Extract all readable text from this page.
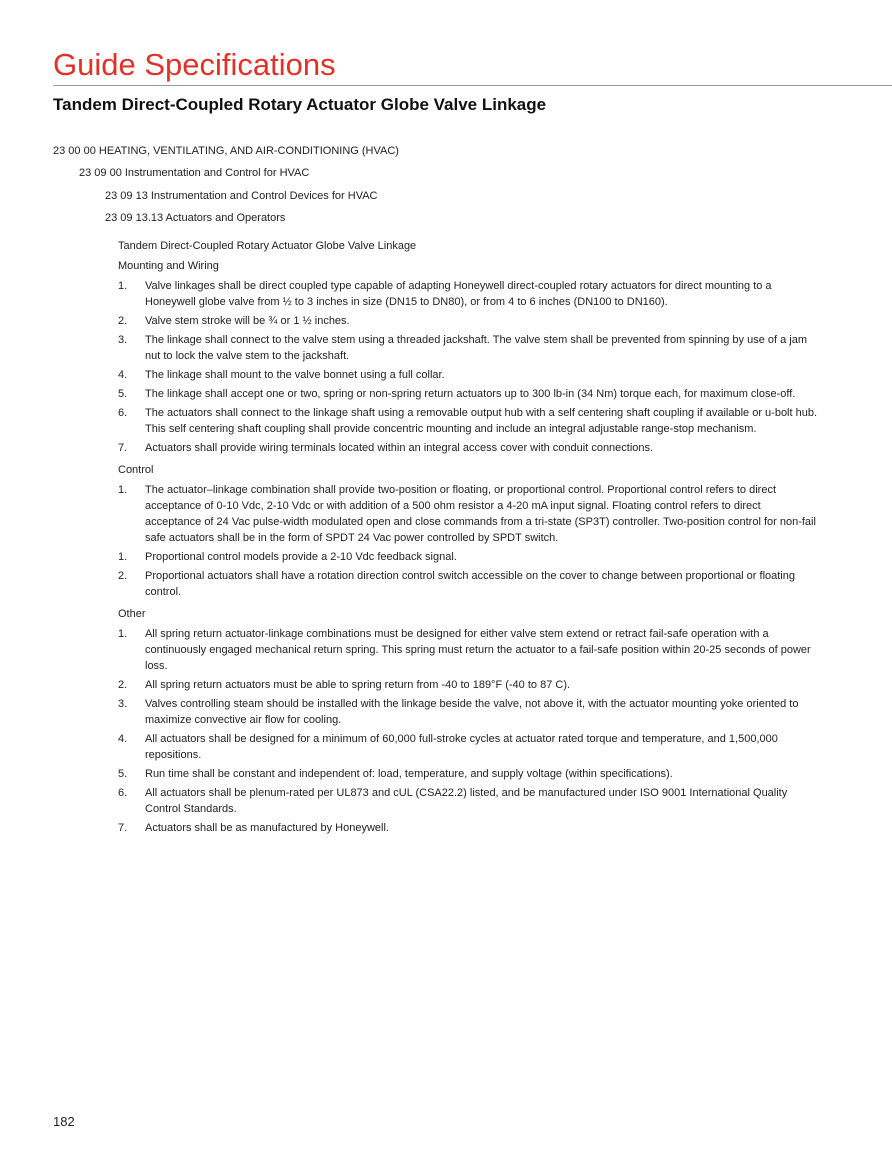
Guide Specifications
Tandem Direct-Coupled Rotary Actuator Globe Valve Linkage
23 00 00 HEATING, VENTILATING, AND AIR-CONDITIONING (HVAC)
23 09 00 Instrumentation and Control for HVAC
23 09 13 Instrumentation and Control Devices for HVAC
23 09 13.13 Actuators and Operators

Tandem Direct-Coupled Rotary Actuator Globe Valve Linkage

Mounting and Wiring

1. Valve linkages shall be direct coupled type capable of adapting Honeywell direct-coupled rotary actuators for direct mounting to a Honeywell globe valve from ½ to 3 inches in size (DN15 to DN80), or from 4 to 6 inches (DN100 to DN160).
2. Valve stem stroke will be ¾ or 1 ½ inches.
3. The linkage shall connect to the valve stem using a threaded jackshaft. The valve stem shall be prevented from spinning by use of a jam nut to lock the valve stem to the jackshaft.
4. The linkage shall mount to the valve bonnet using a full collar.
5. The linkage shall accept one or two, spring or non-spring return actuators up to 300 lb-in (34 Nm) torque each, for maximum close-off.
6. The actuators shall connect to the linkage shaft using a removable output hub with a self centering shaft coupling if available or u-bolt hub. This self centering shaft coupling shall provide concentric mounting and include an integral adjustable range-stop mechanism.
7. Actuators shall provide wiring terminals located within an integral access cover with conduit connections.

Control

1. The actuator–linkage combination shall provide two-position or floating, or proportional control. Proportional control refers to direct acceptance of 0-10 Vdc, 2-10 Vdc or with addition of a 500 ohm resistor a 4-20 mA input signal. Floating control refers to direct acceptance of 24 Vac pulse-width modulated open and close commands from a tri-state (SP3T) controller. Two-position control for non-fail safe actuators shall be in the form of SPDT 24 Vac power controlled by SPDT switch.
1. Proportional control models provide a 2-10 Vdc feedback signal.
2. Proportional actuators shall have a rotation direction control switch accessible on the cover to change between proportional or floating control.

Other

1. All spring return actuator-linkage combinations must be designed for either valve stem extend or retract fail-safe operation with a continuously engaged mechanical return spring. This spring must return the actuator to a fail-safe position within 20-25 seconds of power loss.
2. All spring return actuators must be able to spring return from -40 to 189°F (-40 to 87 C).
3. Valves controlling steam should be installed with the linkage beside the valve, not above it, with the actuator mounting yoke oriented to maximize convective air flow for cooling.
4. All actuators shall be designed for a minimum of 60,000 full-stroke cycles at actuator rated torque and temperature, and 1,500,000 repositions.
5. Run time shall be constant and independent of: load, temperature, and supply voltage (within specifications).
6. All actuators shall be plenum-rated per UL873 and cUL (CSA22.2) listed, and be manufactured under ISO 9001 International Quality Control Standards.
7. Actuators shall be as manufactured by Honeywell.
182
